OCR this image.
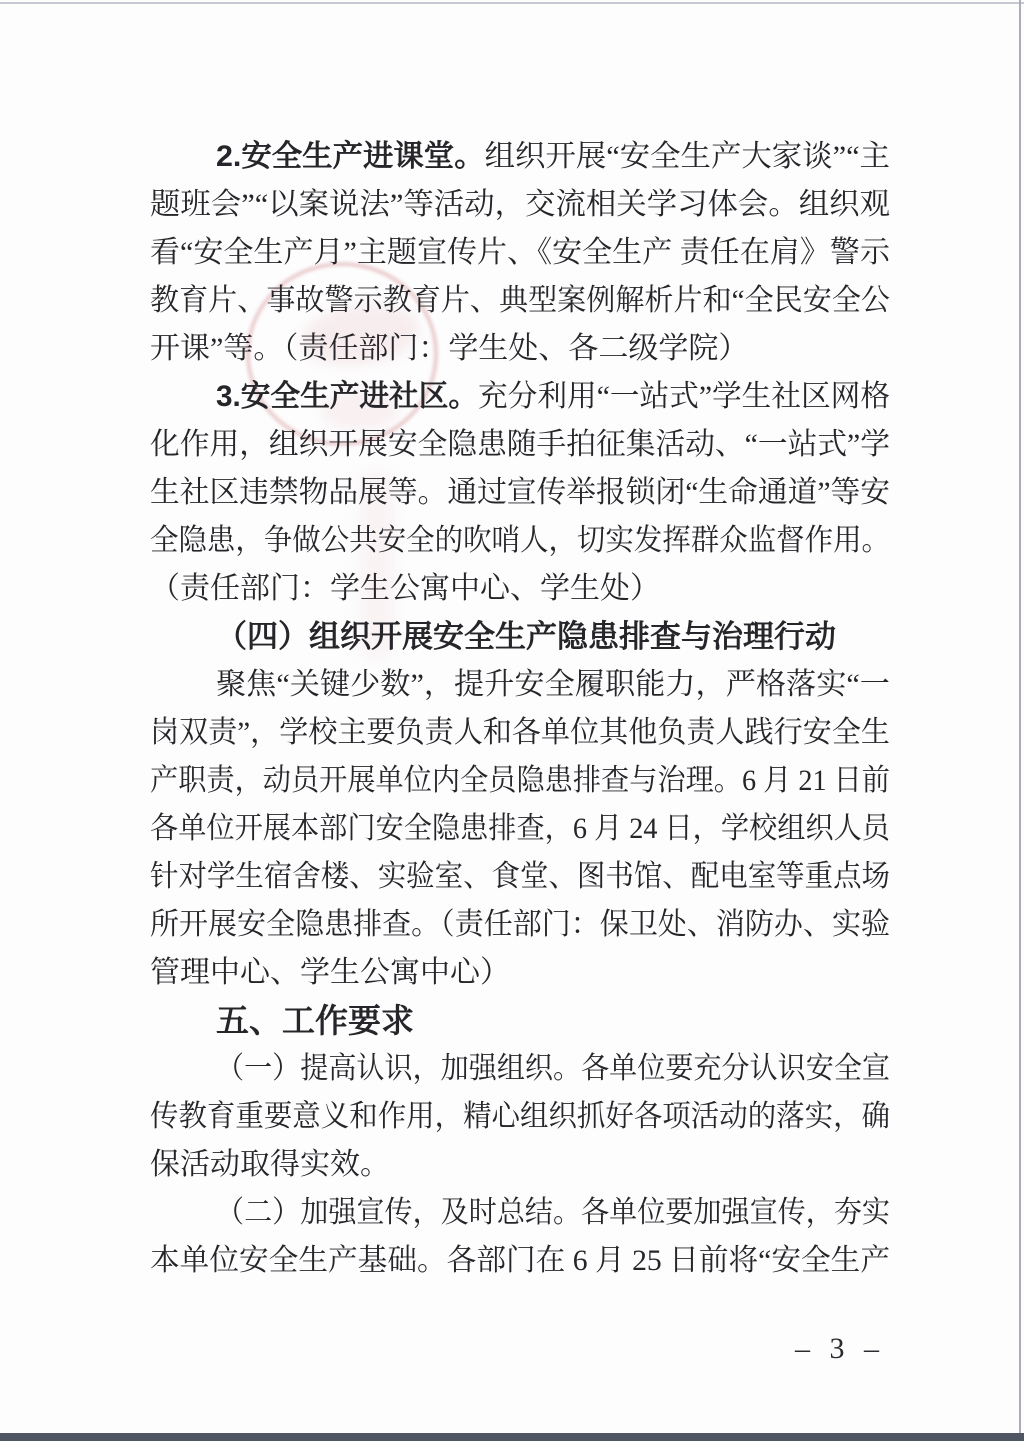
2.安全生产进课堂。组织开展“安全生产大家谈”“主
题班会”“以案说法”等活动，交流相关学习体会。组织观
看“安全生产月”主题宣传片、《安全生产 责任在肩》警示
教育片、事故警示教育片、典型案例解析片和“全民安全公
开课”等。（责任部门：学生处、各二级学院）
3.安全生产进社区。充分利用“一站式”学生社区网格
化作用，组织开展安全隐患随手拍征集活动、“一站式”学
生社区违禁物品展等。通过宣传举报锁闭“生命通道”等安
全隐患，争做公共安全的吹哨人，切实发挥群众监督作用。
（责任部门：学生公寓中心、学生处）
（四）组织开展安全生产隐患排查与治理行动
聚焦“关键少数”，提升安全履职能力，严格落实“一
岗双责”，学校主要负责人和各单位其他负责人践行安全生
产职责，动员开展单位内全员隐患排查与治理。6 月 21 日前
各单位开展本部门安全隐患排查，6 月 24 日，学校组织人员
针对学生宿舍楼、实验室、食堂、图书馆、配电室等重点场
所开展安全隐患排查。（责任部门：保卫处、消防办、实验
管理中心、学生公寓中心）
五、工作要求
（一）提高认识，加强组织。各单位要充分认识安全宣
传教育重要意义和作用，精心组织抓好各项活动的落实，确
保活动取得实效。
（二）加强宣传，及时总结。各单位要加强宣传，夯实
本单位安全生产基础。各部门在 6 月 25 日前将“安全生产
– 3 –
